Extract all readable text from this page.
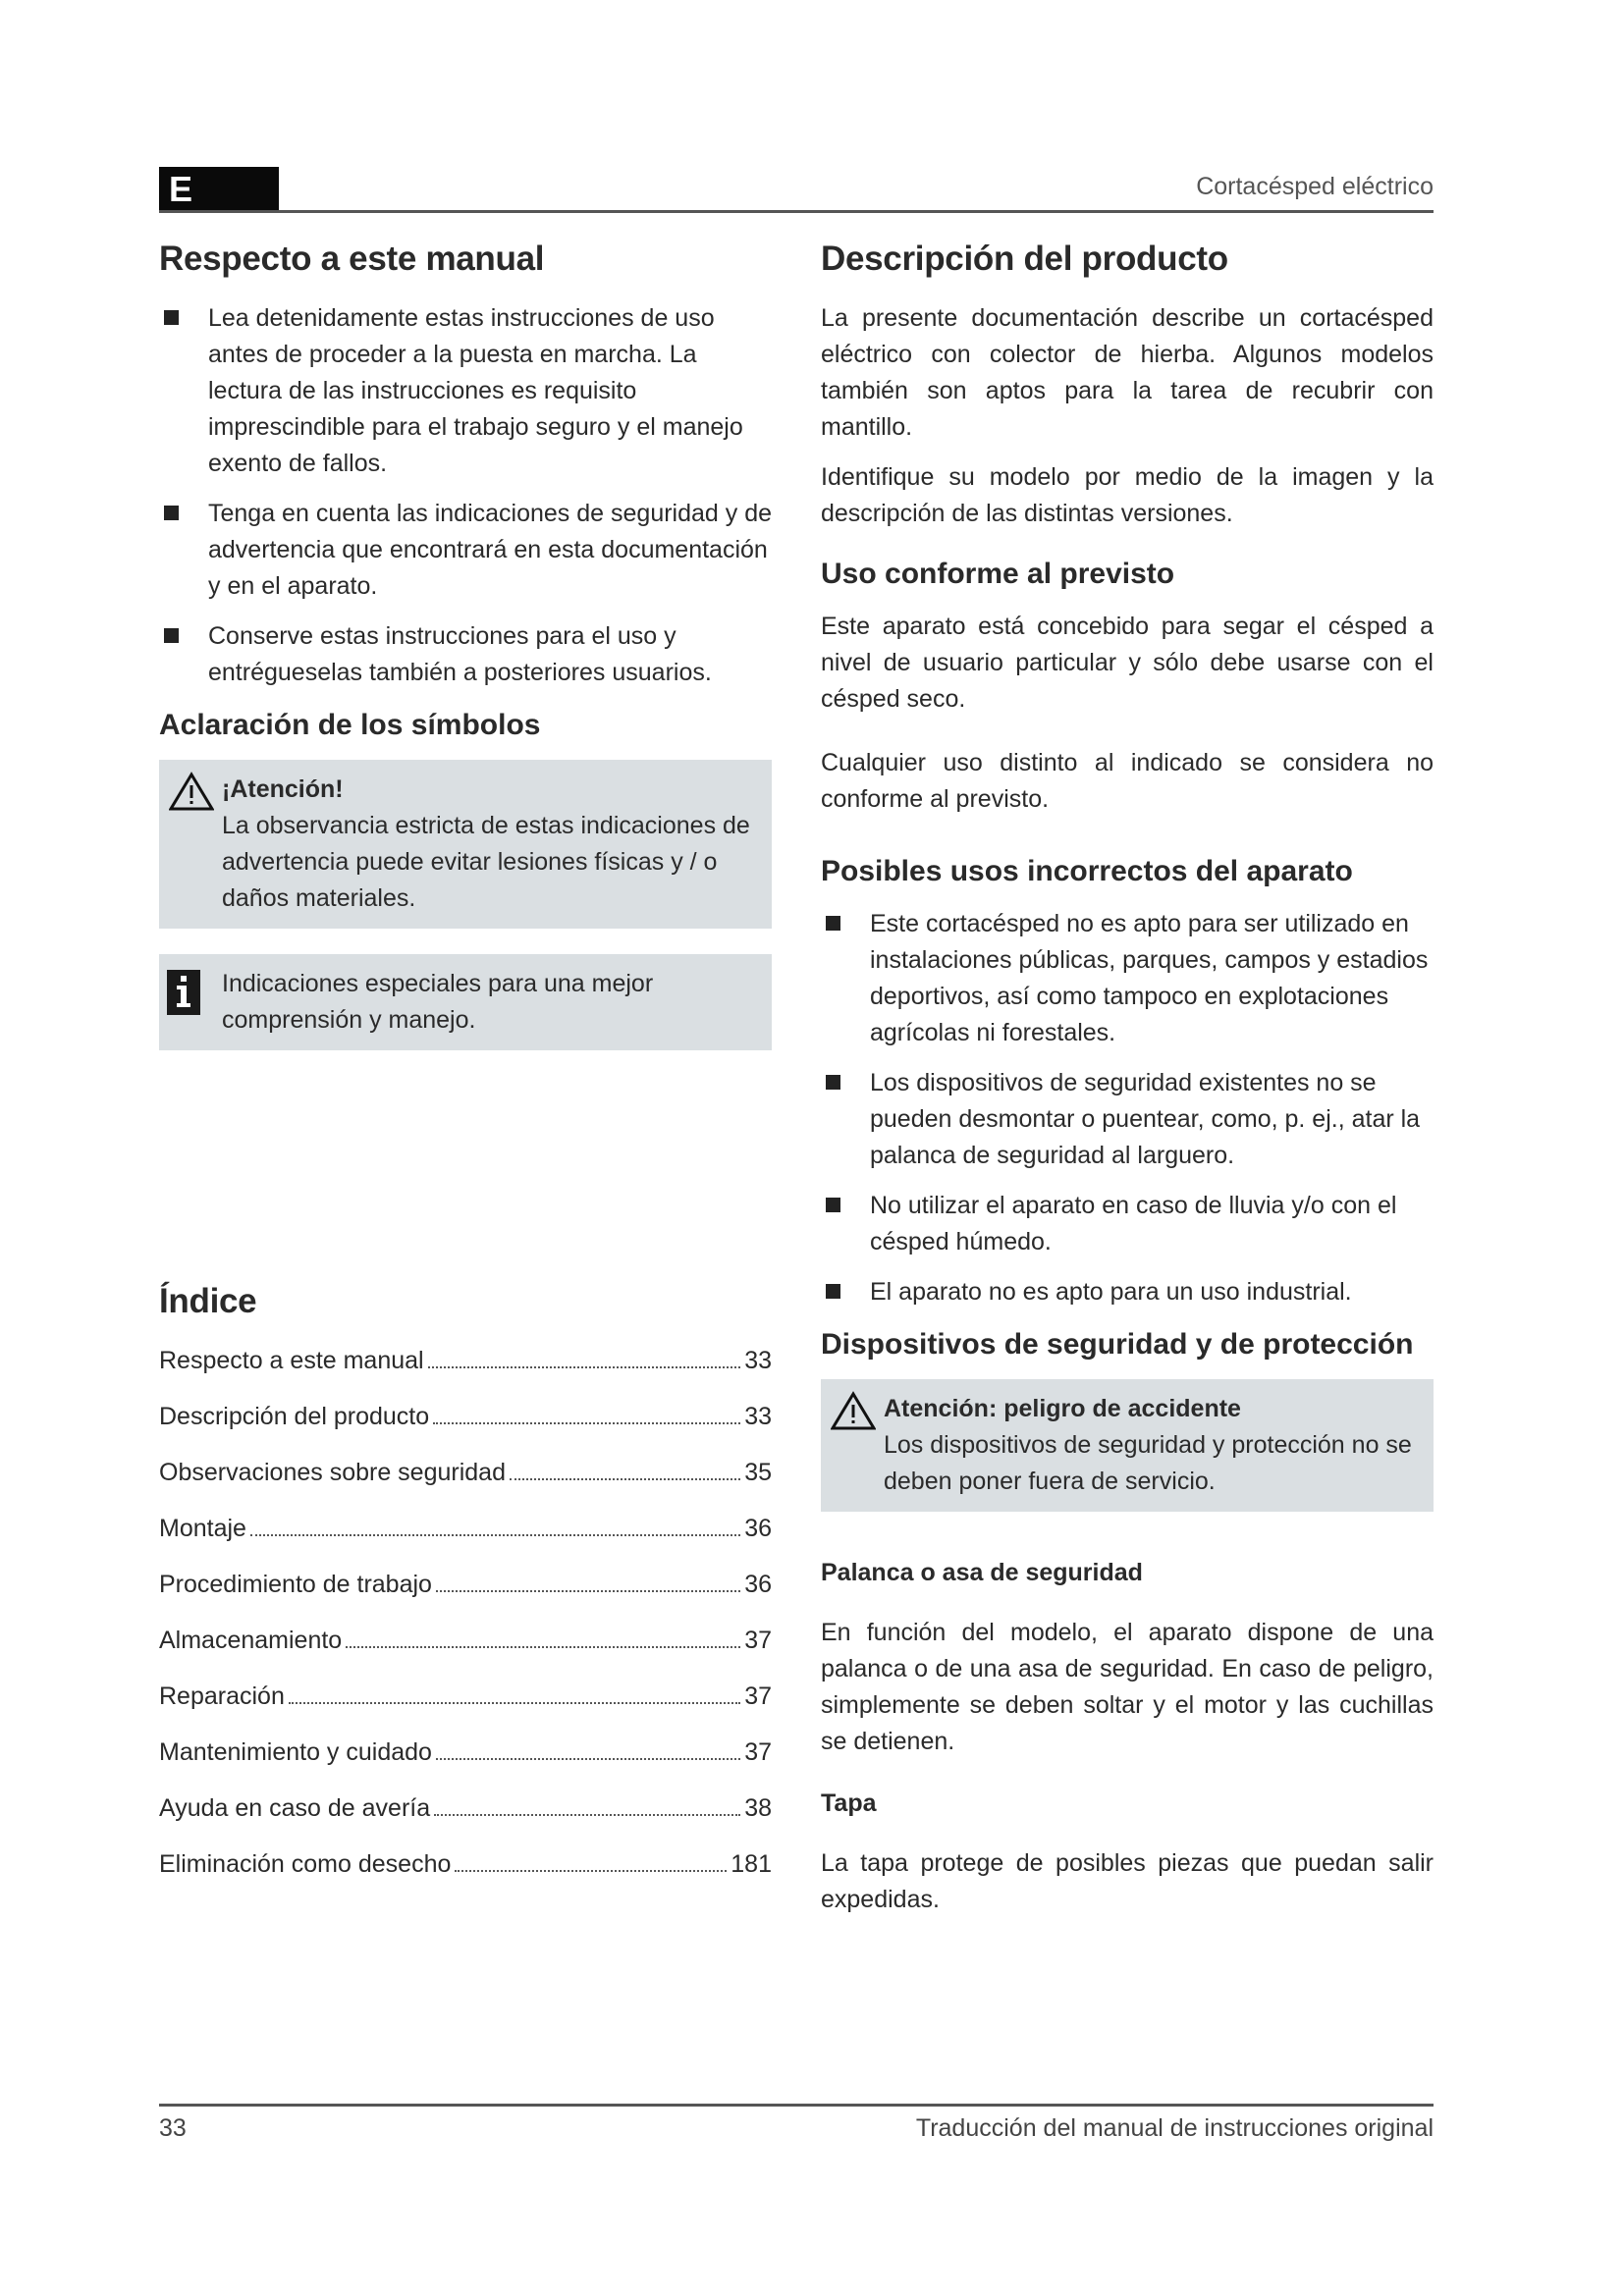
E	Cortacésped eléctrico
Respecto a este manual
Lea detenidamente estas instrucciones de uso antes de proceder a la puesta en marcha. La lectura de las instrucciones es requisito imprescindible para el trabajo seguro y el manejo exento de fallos.
Tenga en cuenta las indicaciones de seguridad y de advertencia que encontrará en esta documentación y en el aparato.
Conserve estas instrucciones para el uso y entrégueselas también a posteriores usuarios.
Aclaración de los símbolos
¡Atención!
La observancia estricta de estas indicaciones de advertencia puede evitar lesiones físicas y / o daños materiales.
Indicaciones especiales para una mejor comprensión y manejo.
Índice
Respecto a este manual	33
Descripción del producto	33
Observaciones sobre seguridad	35
Montaje	36
Procedimiento de trabajo	36
Almacenamiento	37
Reparación	37
Mantenimiento y cuidado	37
Ayuda en caso de avería	38
Eliminación como desecho	181
Descripción del producto

La presente documentación describe un cortacésped eléctrico con colector de hierba. Algunos modelos también son aptos para la tarea de recubrir con mantillo.

Identifique su modelo por medio de la imagen y la descripción de las distintas versiones.

Uso conforme al previsto

Este aparato está concebido para segar el césped a nivel de usuario particular y sólo debe usarse con el césped seco.

Cualquier uso distinto al indicado se considera no conforme al previsto.

Posibles usos incorrectos del aparato
Este cortacésped no es apto para ser utilizado en instalaciones públicas, parques, campos y estadios deportivos, así como tampoco en explotaciones agrícolas ni forestales.
Los dispositivos de seguridad existentes no se pueden desmontar o puentear, como, p. ej., atar la palanca de seguridad al larguero.
No utilizar el aparato en caso de lluvia y/o con el césped húmedo.
El aparato no es apto para un uso industrial.
Dispositivos de seguridad y de protección
Atención: peligro de accidente
Los dispositivos de seguridad y protección no se deben poner fuera de servicio.
Palanca o asa de seguridad

En función del modelo, el aparato dispone de una palanca o de una asa de seguridad. En caso de peligro, simplemente se deben soltar y el motor y las cuchillas se detienen.

Tapa

La tapa protege de posibles piezas que puedan salir expedidas.

33	Traducción del manual de instrucciones original
